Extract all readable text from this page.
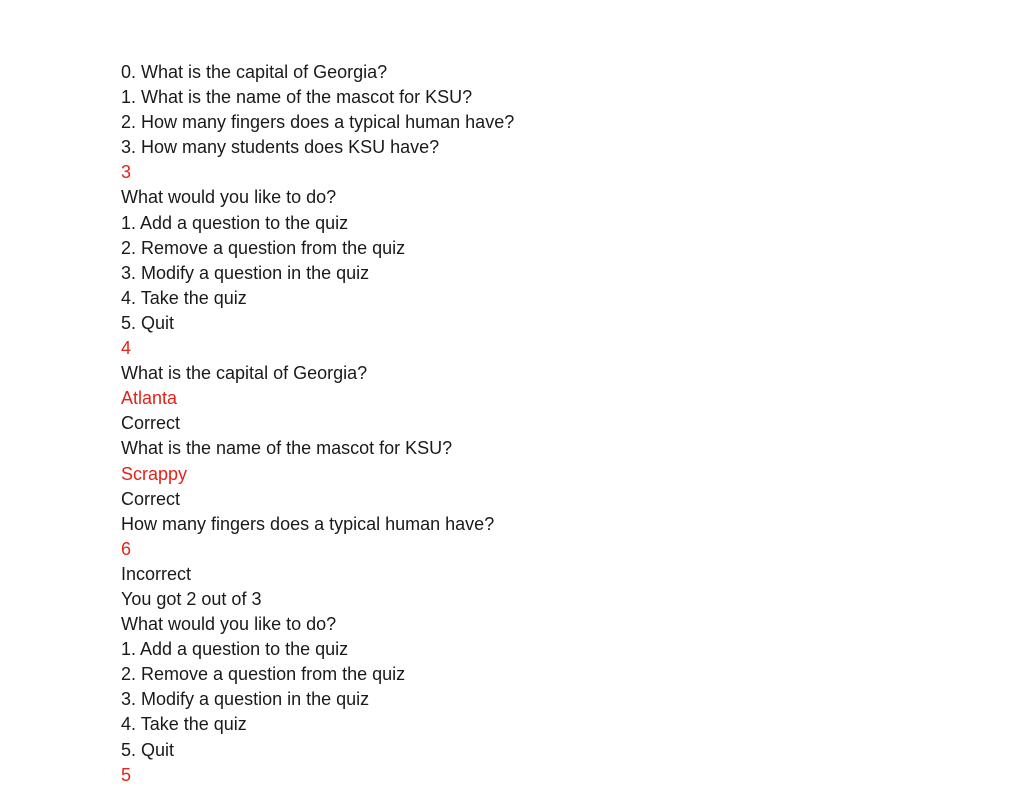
0. What is the capital of Georgia?
1. What is the name of the mascot for KSU?
2. How many fingers does a typical human have?
3. How many students does KSU have?
3
What would you like to do?
1. Add a question to the quiz
2. Remove a question from the quiz
3. Modify a question in the quiz
4. Take the quiz
5. Quit
4
What is the capital of Georgia?
Atlanta
Correct
What is the name of the mascot for KSU?
Scrappy
Correct
How many fingers does a typical human have?
6
Incorrect
You got 2 out of 3
What would you like to do?
1. Add a question to the quiz
2. Remove a question from the quiz
3. Modify a question in the quiz
4. Take the quiz
5. Quit
5
